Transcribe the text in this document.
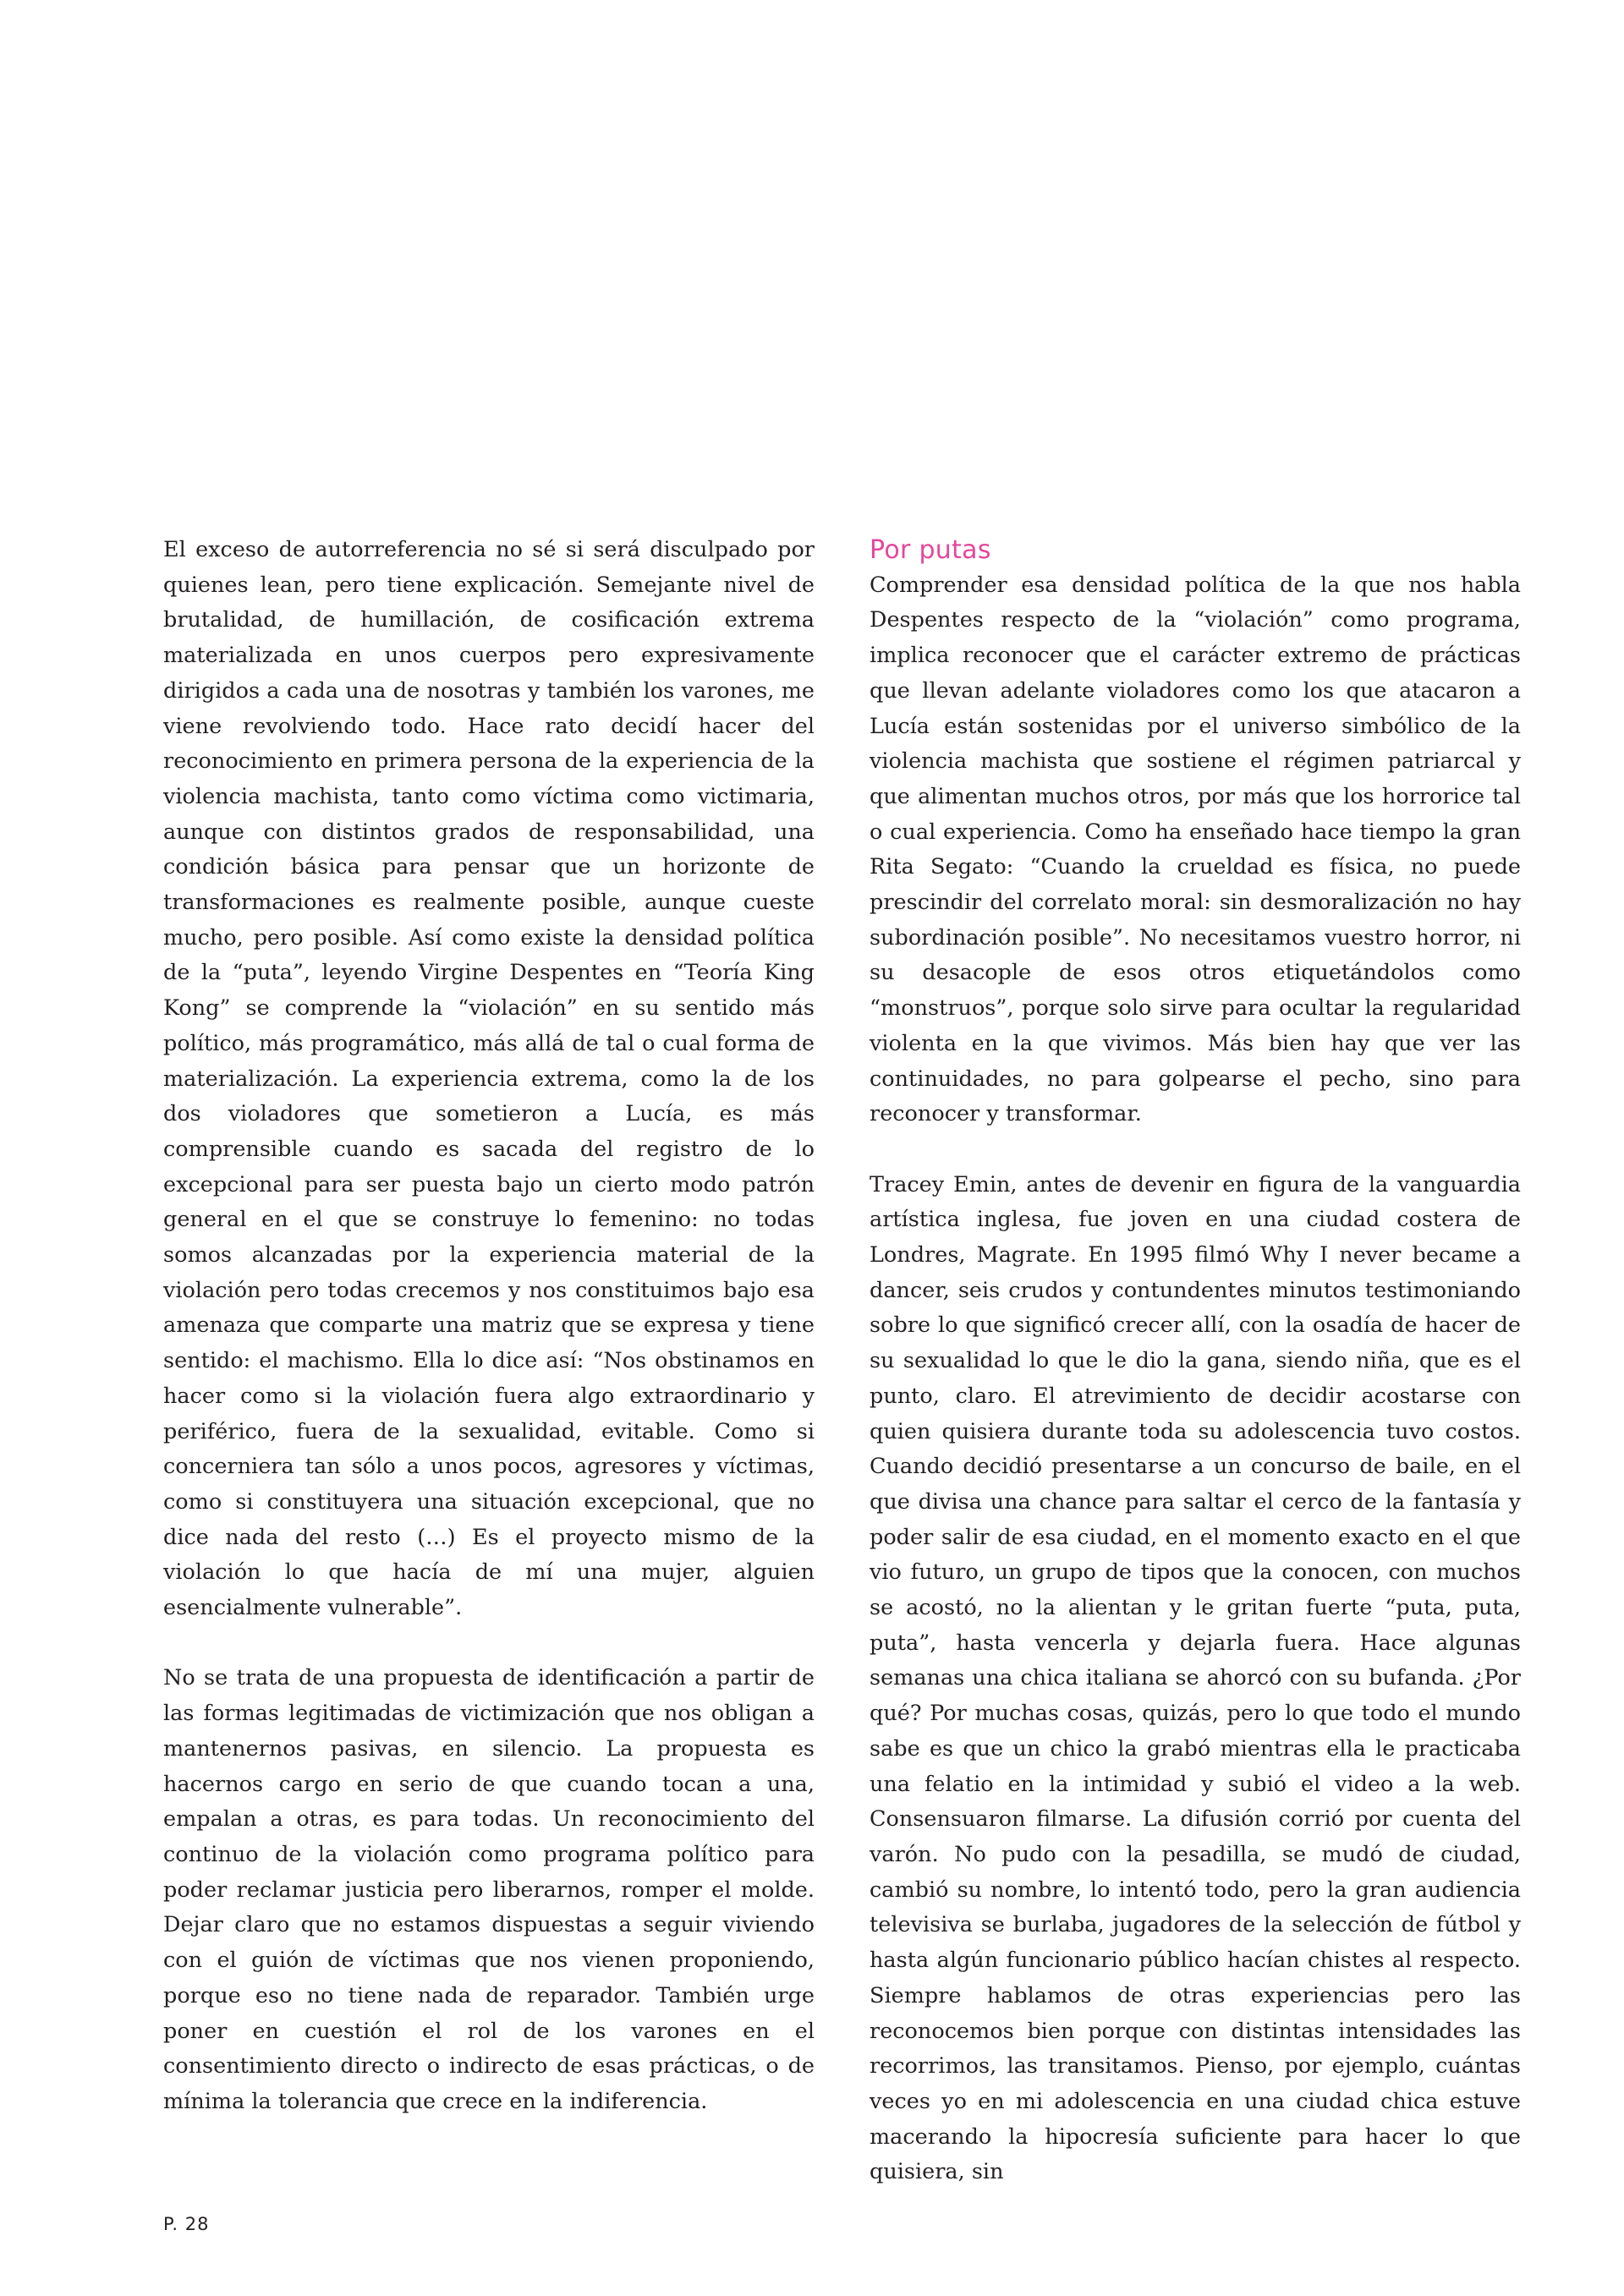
El exceso de autorreferencia no sé si será disculpado por quienes lean, pero tiene explicación. Semejante nivel de brutalidad, de humillación, de cosificación extrema materializada en unos cuerpos pero expresivamente dirigidos a cada una de nosotras y también los varones, me viene revolviendo todo. Hace rato decidí hacer del reconocimiento en primera persona de la experiencia de la violencia machista, tanto como víctima como victimaria, aunque con distintos grados de responsabilidad, una condición básica para pensar que un horizonte de transformaciones es realmente posible, aunque cueste mucho, pero posible. Así como existe la densidad política de la “puta”, leyendo Virgine Despentes en “Teoría King Kong” se comprende la “violación” en su sentido más político, más programático, más allá de tal o cual forma de materialización. La experiencia extrema, como la de los dos violadores que sometieron a Lucía, es más comprensible cuando es sacada del registro de lo excepcional para ser puesta bajo un cierto modo patrón general en el que se construye lo femenino: no todas somos alcanzadas por la experiencia material de la violación pero todas crecemos y nos constituimos bajo esa amenaza que comparte una matriz que se expresa y tiene sentido: el machismo. Ella lo dice así: “Nos obstinamos en hacer como si la violación fuera algo extraordinario y periférico, fuera de la sexualidad, evitable. Como si concerniera tan sólo a unos pocos, agresores y víctimas, como si constituyera una situación excepcional, que no dice nada del resto (…) Es el proyecto mismo de la violación lo que hacía de mí una mujer, alguien esencialmente vulnerable”.

No se trata de una propuesta de identificación a partir de las formas legitimadas de victimización que nos obligan a mantenernos pasivas, en silencio. La propuesta es hacernos cargo en serio de que cuando tocan a una, empalan a otras, es para todas. Un reconocimiento del continuo de la violación como programa político para poder reclamar justicia pero liberarnos, romper el molde. Dejar claro que no estamos dispuestas a seguir viviendo con el guión de víctimas que nos vienen proponiendo, porque eso no tiene nada de reparador. También urge poner en cuestión el rol de los varones en el consentimiento directo o indirecto de esas prácticas, o de mínima la tolerancia que crece en la indiferencia.

Por putas

Comprender esa densidad política de la que nos habla Despentes respecto de la “violación” como programa, implica reconocer que el carácter extremo de prácticas que llevan adelante violadores como los que atacaron a Lucía están sostenidas por el universo simbólico de la violencia machista que sostiene el régimen patriarcal y que alimentan muchos otros, por más que los horrorice tal o cual experiencia. Como ha enseñado hace tiempo la gran Rita Segato: “Cuando la crueldad es física, no puede prescindir del correlato moral: sin desmoralización no hay subordinación posible”. No necesitamos vuestro horror, ni su desacople de esos otros etiquetándolos como “monstruos”, porque solo sirve para ocultar la regularidad violenta en la que vivimos. Más bien hay que ver las continuidades, no para golpearse el pecho, sino para reconocer y transformar.

Tracey Emin, antes de devenir en figura de la vanguardia artística inglesa, fue joven en una ciudad costera de Londres, Magrate. En 1995 filmó Why I never became a dancer, seis crudos y contundentes minutos testimoniando sobre lo que significó crecer allí, con la osadía de hacer de su sexualidad lo que le dio la gana, siendo niña, que es el punto, claro. El atrevimiento de decidir acostarse con quien quisiera durante toda su adolescencia tuvo costos. Cuando decidió presentarse a un concurso de baile, en el que divisa una chance para saltar el cerco de la fantasía y poder salir de esa ciudad, en el momento exacto en el que vio futuro, un grupo de tipos que la conocen, con muchos se acostó, no la alientan y le gritan fuerte “puta, puta, puta”, hasta vencerla y dejarla fuera. Hace algunas semanas una chica italiana se ahorcó con su bufanda. ¿Por qué? Por muchas cosas, quizás, pero lo que todo el mundo sabe es que un chico la grabó mientras ella le practicaba una felatio en la intimidad y subió el video a la web. Consensuaron filmarse. La difusión corrió por cuenta del varón. No pudo con la pesadilla, se mudó de ciudad, cambió su nombre, lo intentó todo, pero la gran audiencia televisiva se burlaba, jugadores de la selección de fútbol y hasta algún funcionario público hacían chistes al respecto. Siempre hablamos de otras experiencias pero las reconocemos bien porque con distintas intensidades las recorrimos, las transitamos. Pienso, por ejemplo, cuántas veces yo en mi adolescencia en una ciudad chica estuve macerando la hipocresía suficiente para hacer lo que quisiera, sin

P. 28
